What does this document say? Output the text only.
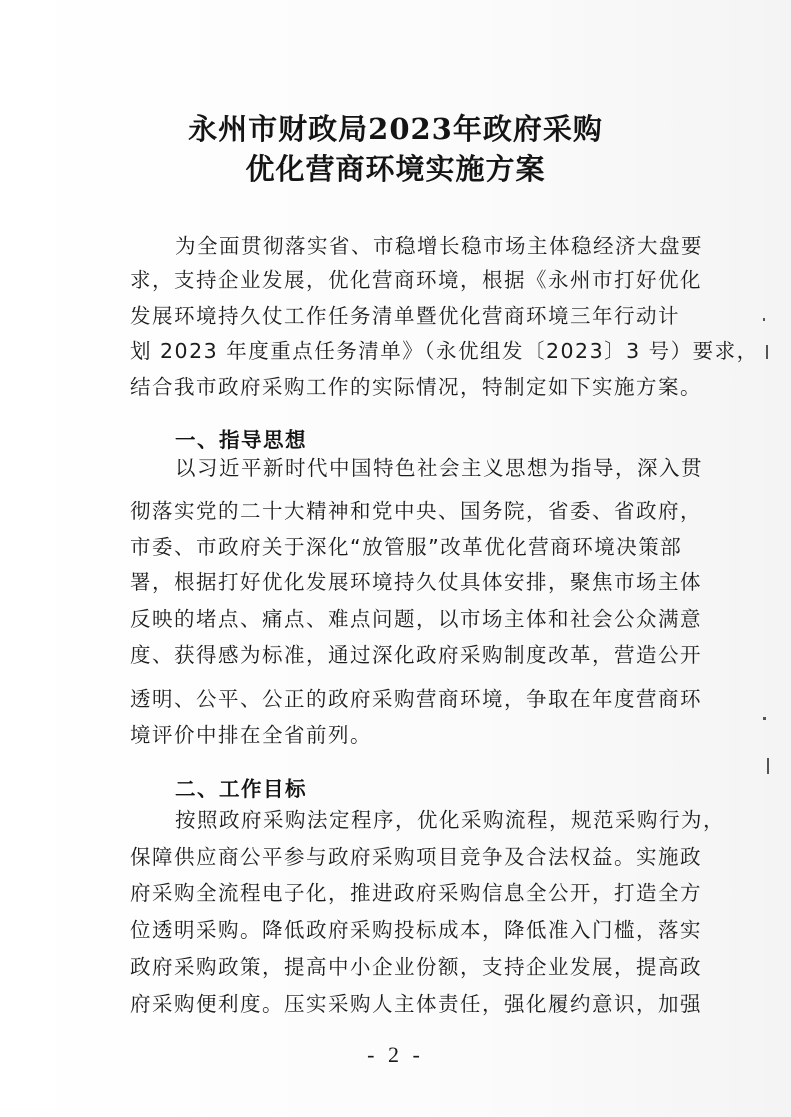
永州市财政局2023年政府采购
优化营商环境实施方案
为全面贯彻落实省、市稳增长稳市场主体稳经济大盘要
求，支持企业发展，优化营商环境，根据《永州市打好优化
发展环境持久仗工作任务清单暨优化营商环境三年行动计
划 2023 年度重点任务清单》（永优组发〔2023〕3 号）要求，
结合我市政府采购工作的实际情况，特制定如下实施方案。
一、指导思想
以习近平新时代中国特色社会主义思想为指导，深入贯
彻落实党的二十大精神和党中央、国务院，省委、省政府，
市委、市政府关于深化“放管服”改革优化营商环境决策部
署，根据打好优化发展环境持久仗具体安排，聚焦市场主体
反映的堵点、痛点、难点问题，以市场主体和社会公众满意
度、获得感为标准，通过深化政府采购制度改革，营造公开
透明、公平、公正的政府采购营商环境，争取在年度营商环
境评价中排在全省前列。
二、工作目标
按照政府采购法定程序，优化采购流程，规范采购行为，
保障供应商公平参与政府采购项目竞争及合法权益。实施政
府采购全流程电子化，推进政府采购信息全公开，打造全方
位透明采购。降低政府采购投标成本，降低准入门槛，落实
政府采购政策，提高中小企业份额，支持企业发展，提高政
府采购便利度。压实采购人主体责任，强化履约意识，加强
- 2 -
